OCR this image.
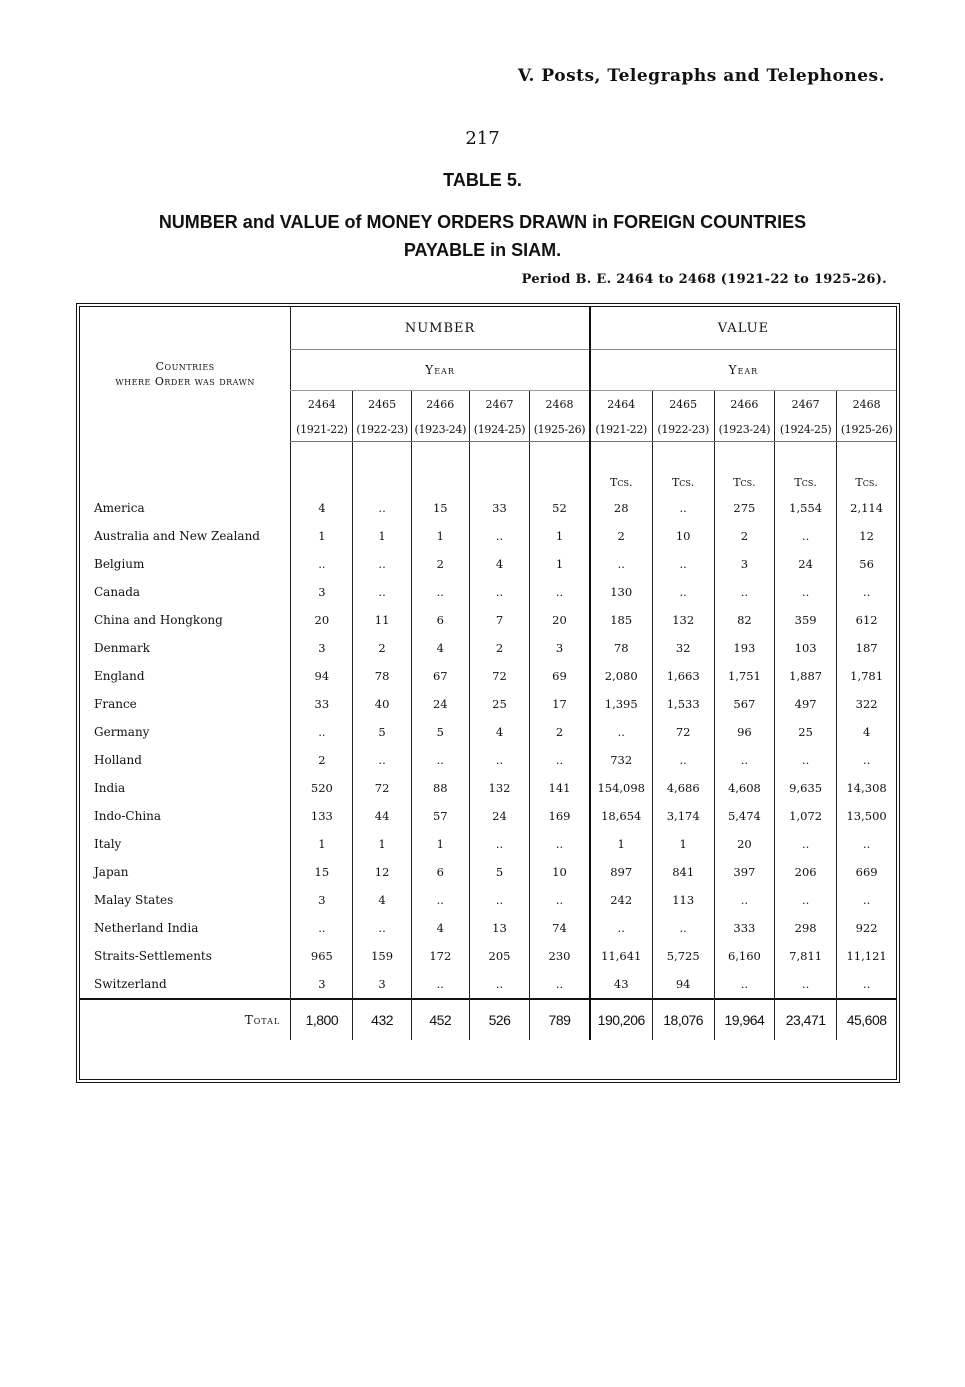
V. Posts, Telegraphs and Telephones.
217
TABLE 5.
NUMBER and VALUE of MONEY ORDERS DRAWN in FOREIGN COUNTRIES
PAYABLE in SIAM.
Period B. E. 2464 to 2468 (1921-22 to 1925-26).
Countries
where Order was drawn	NUMBER					VALUE				
	Year					Year				
	2464	2465	2466	2467	2468	2464	2465	2466	2467	2468
	(1921-22)	(1922-23)	(1923-24)	(1924-25)	(1925-26)	(1921-22)	(1922-23)	(1923-24)	(1924-25)	(1925-26)

						Tcs.	Tcs.	Tcs.	Tcs.	Tcs.
America	4	..	15	33	52	28	..	275	1,554	2,114
Australia and New Zealand	1	1	1	..	1	2	10	2	..	12
Belgium	..	..	2	4	1	..	..	3	24	56
Canada	3	..	..	..	..	130	..	..	..	..
China and Hongkong	20	11	6	7	20	185	132	82	359	612
Denmark	3	2	4	2	3	78	32	193	103	187
England	94	78	67	72	69	2,080	1,663	1,751	1,887	1,781
France	33	40	24	25	17	1,395	1,533	567	497	322
Germany	..	5	5	4	2	..	72	96	25	4
Holland	2	..	..	..	..	732	..	..	..	..
India	520	72	88	132	141	154,098	4,686	4,608	9,635	14,308
Indo-China	133	44	57	24	169	18,654	3,174	5,474	1,072	13,500
Italy	1	1	1	..	..	1	1	20	..	..
Japan	15	12	6	5	10	897	841	397	206	669
Malay States	3	4	..	..	..	242	113	..	..	..
Netherland India	..	..	4	13	74	..	..	333	298	922
Straits-Settlements	965	159	172	205	230	11,641	5,725	6,160	7,811	11,121
Switzerland	3	3	..	..	..	43	94	..	..	..
Total	1,800	432	452	526	789	190,206	18,076	19,964	23,471	45,608
